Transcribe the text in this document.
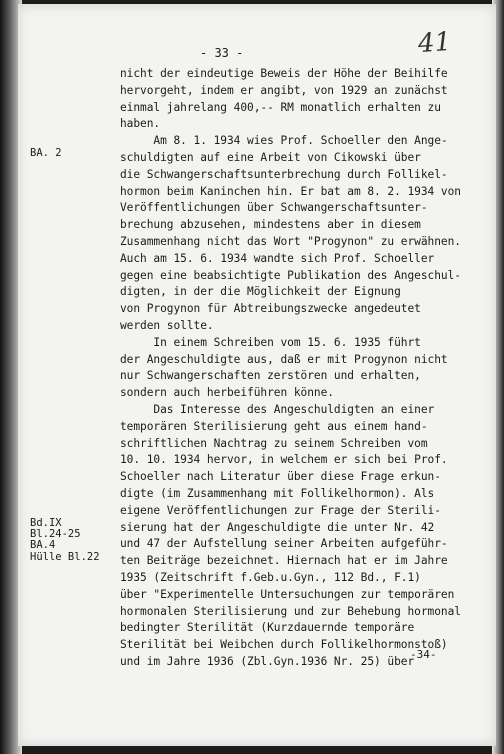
41
- 33 -
BA. 2
Bd.IX
Bl.24-25
BA.4
Hülle Bl.22
nicht der eindeutige Beweis der Höhe der Beihilfe
hervorgeht, indem er angibt, von 1929 an zunächst
einmal jahrelang 400,-- RM monatlich erhalten zu
haben.
Am 8. 1. 1934 wies Prof. Schoeller den Ange-
schuldigten auf eine Arbeit von Cikowski über
die Schwangerschaftsunterbrechung durch Follikel-
hormon beim Kaninchen hin. Er bat am 8. 2. 1934 von
Veröffentlichungen über Schwangerschaftsunter-
brechung abzusehen, mindestens aber in diesem
Zusammenhang nicht das Wort "Progynon" zu erwähnen.
Auch am 15. 6. 1934 wandte sich Prof. Schoeller
gegen eine beabsichtigte Publikation des Angeschul-
digten, in der die Möglichkeit der Eignung
von Progynon für Abtreibungszwecke angedeutet
werden sollte.
In einem Schreiben vom 15. 6. 1935 führt
der Angeschuldigte aus, daß er mit Progynon nicht
nur Schwangerschaften zerstören und erhalten,
sondern auch herbeiführen könne.
Das Interesse des Angeschuldigten an einer
temporären Sterilisierung geht aus einem hand-
schriftlichen Nachtrag zu seinem Schreiben vom
10. 10. 1934 hervor, in welchem er sich bei Prof.
Schoeller nach Literatur über diese Frage erkun-
digte (im Zusammenhang mit Follikelhormon). Als
eigene Veröffentlichungen zur Frage der Sterili-
sierung hat der Angeschuldigte die unter Nr. 42
und 47 der Aufstellung seiner Arbeiten aufgeführ-
ten Beiträge bezeichnet. Hiernach hat er im Jahre
1935 (Zeitschrift f.Geb.u.Gyn., 112 Bd., F.1)
über "Experimentelle Untersuchungen zur temporären
hormonalen Sterilisierung und zur Behebung hormonal
bedingter Sterilität (Kurzdauernde temporäre
Sterilität bei Weibchen durch Follikelhormonstoß)
und im Jahre 1936 (Zbl.Gyn.1936 Nr. 25) über
-34-
